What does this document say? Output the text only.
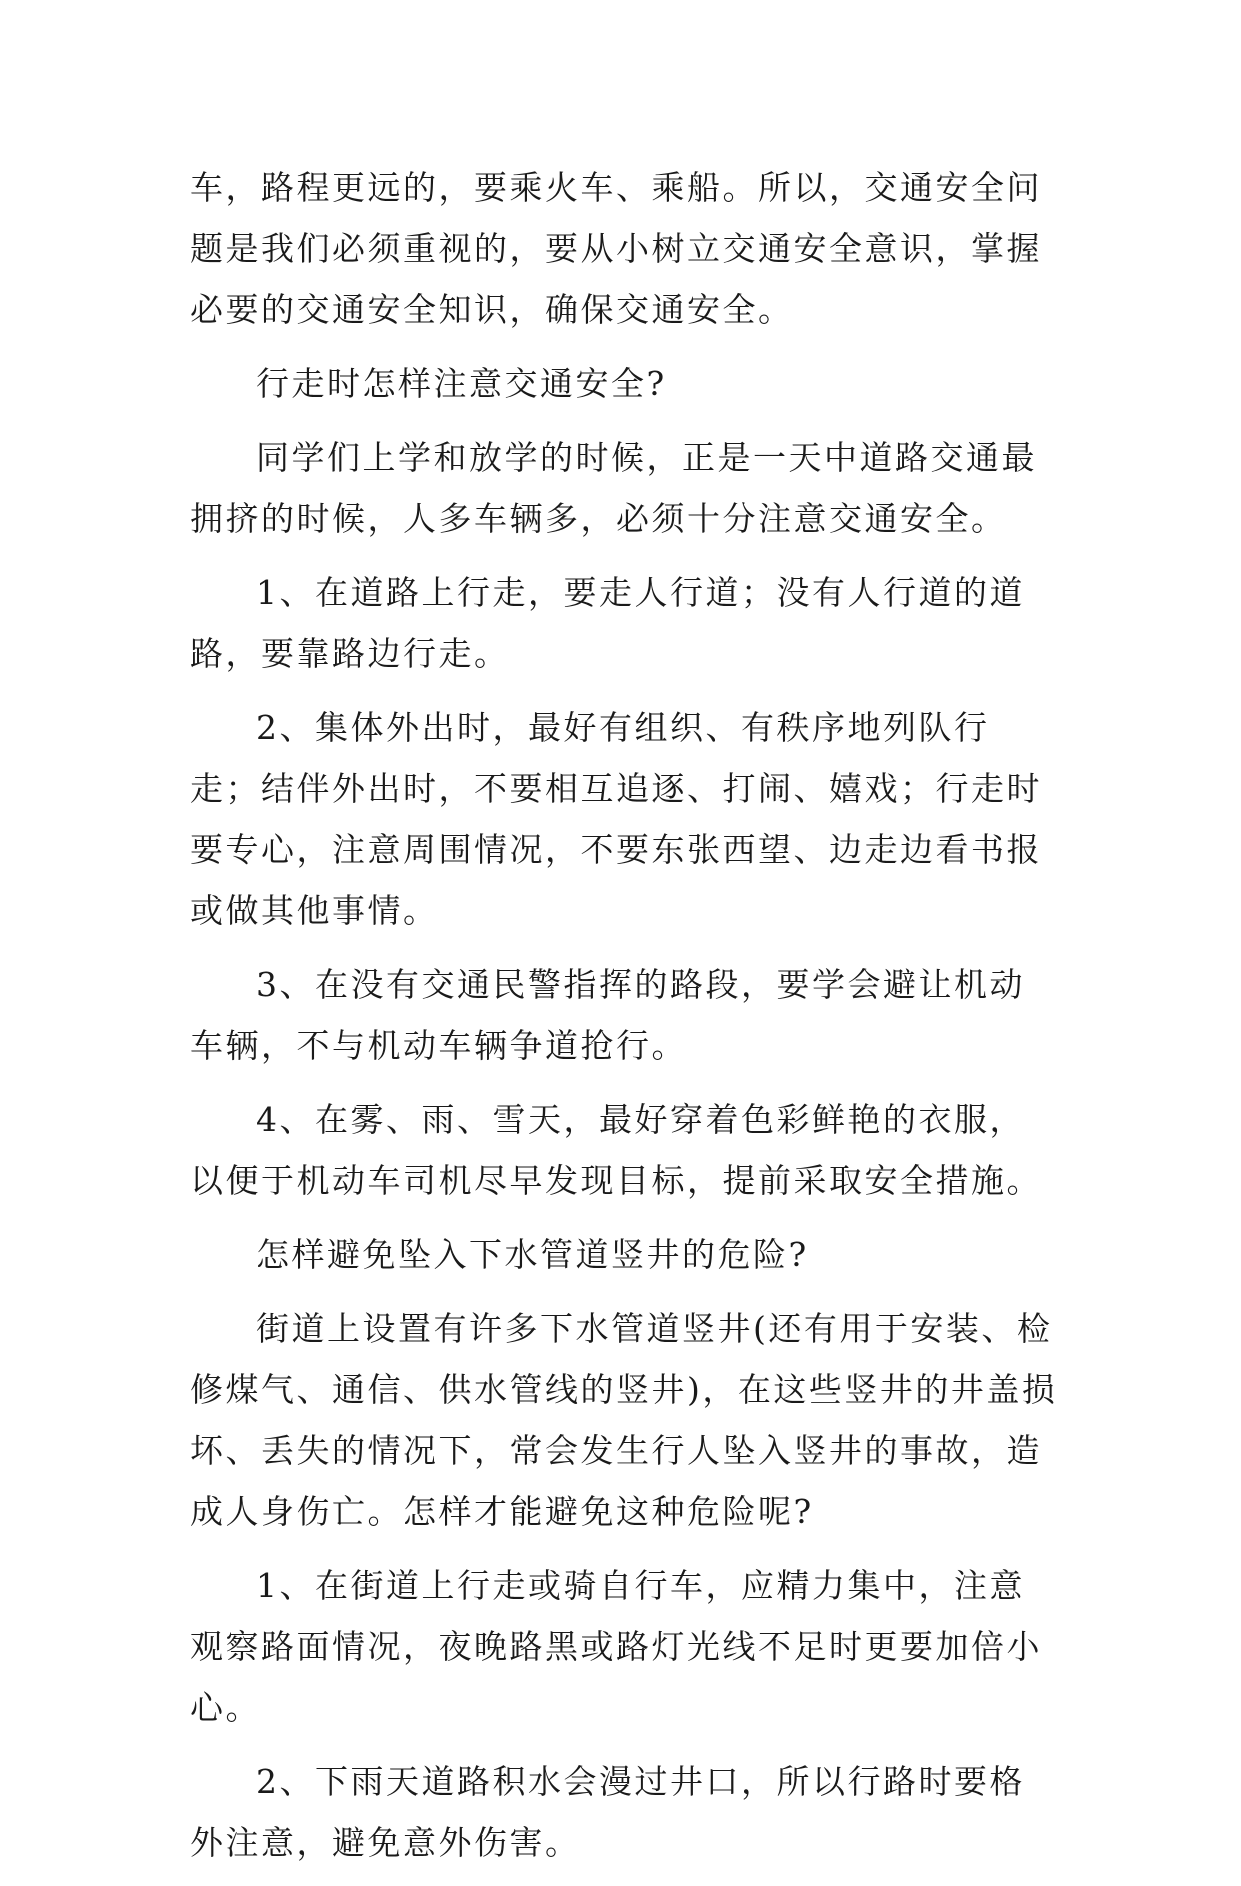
车，路程更远的，要乘火车、乘船。所以，交通安全问题是我们必须重视的，要从小树立交通安全意识，掌握必要的交通安全知识，确保交通安全。

行走时怎样注意交通安全?

同学们上学和放学的时候，正是一天中道路交通最拥挤的时候，人多车辆多，必须十分注意交通安全。

1、在道路上行走，要走人行道；没有人行道的道路，要靠路边行走。

2、集体外出时，最好有组织、有秩序地列队行走；结伴外出时，不要相互追逐、打闹、嬉戏；行走时要专心，注意周围情况，不要东张西望、边走边看书报或做其他事情。

3、在没有交通民警指挥的路段，要学会避让机动车辆，不与机动车辆争道抢行。

4、在雾、雨、雪天，最好穿着色彩鲜艳的衣服，以便于机动车司机尽早发现目标，提前采取安全措施。

怎样避免坠入下水管道竖井的危险?

街道上设置有许多下水管道竖井(还有用于安装、检修煤气、通信、供水管线的竖井)，在这些竖井的井盖损坏、丢失的情况下，常会发生行人坠入竖井的事故，造成人身伤亡。怎样才能避免这种危险呢?

1、在街道上行走或骑自行车，应精力集中，注意观察路面情况，夜晚路黑或路灯光线不足时更要加倍小心。

2、下雨天道路积水会漫过井口，所以行路时要格外注意，避免意外伤害。
